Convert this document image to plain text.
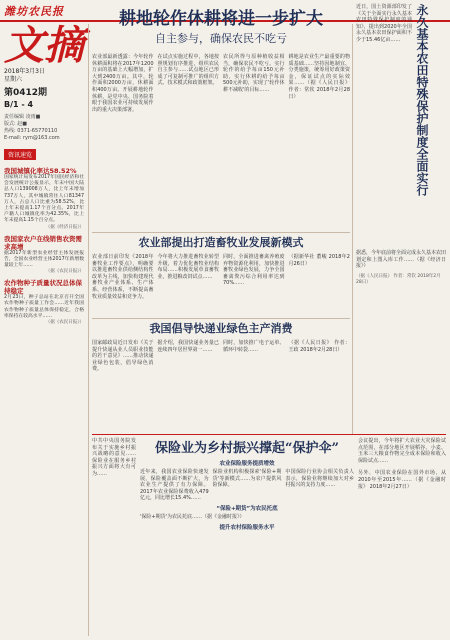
潍坊农民报
文摘
2018年3月3日
星期六
第0412期
B/1 - 4
责任编辑 凌雨■
版式: 赵■
热线: 0371-65770110
E-mail: rym@163.com
资讯速览
我国城镇化率达58.52%
国家统计局发布2017年国民经济和社会发展统计公报显示，年末中国大陆总人口139008万人，比上年末增加737万人，其中城镇常住人口81347万人，占总人口比重为58.52%，比上年末提高1.17个百分点。2017年户籍人口城镇化率为42.35%，比上年末提高1.15个百分点。
（据《经济日报》）
我国家农户在线销售农资需求高增
据2017年新型农业经营主体发展报告，全国农业经营主体2017年新增数量较上年……
（据《农民日报》）
农作物种子质量状况总体保持稳定
2月23日，种子总站在北京召开全国农作物种子质量工作会……近年我国农作物种子质量总体保持稳定，合格率保持在较高水平……
（据《农民日报》）
耕地轮作休耕将进一步扩大
自主参与，确保农民不吃亏
农业部最新透露：今年轮作休耕面积将在2017年1200万亩的基础上大幅增加，扩大到2400万亩。其中，轮作面积2000万亩，休耕面积400万亩。开展耕地轮作休耕，是党中央、国务院着眼于我国农业可持续发展作出的重大决策部署。
在试点实施过程中，各地按照规划有序推进，组织农民自主参与……试点地区已形成了可复制可推广的组织方式、技术模式和政策框架。
农民所得与原种植收益相当，确保农民不吃亏。实行轮作的给予每亩150元补助，实行休耕的给予每亩500元补助，实现了'轮作休耕不减收'的目标……
耕地是农业生产最重要的物质基础……坚持因地制宜、分类施策，统筹用好政策资金，保证试点的实际效果……（据《人民日报》 作者：常钦 2018年2月28日）
近日，国土资源部印发了《关于全面实行永久基本农田特殊保护制度的通知》，提出到2020年全国永久基本农田保护面积不少于15.46亿亩……	永久基本农田特殊保护制度全面实行
据悉，今年底前将全面完成永久基本农田划定和上图入库工作……（据《经济日报》）
（据《人民日报》 作者：常钦 2018年2月28日）
农业部提出打造畜牧业发展新模式
农业部日前印发《2018年畜牧业工作要点》，明确要以推进畜牧业供给侧结构性改革为主线，加快构建现代畜牧业产业体系、生产体系、经营体系，不断提高畜牧业质量效益和竞争力。
今年将大力推进畜牧业转型升级，着力优化畜牧业结构布局……积极发展草食畜牧业，推进粮改饲试点……
同时，全面推进畜禽养殖废弃物资源化利用，加快推进畜牧业绿色发展，力争全国畜禽粪污综合利用率达到70%……
（据新华社 董峻 2018年2月26日）
我国倡导快递业绿色主产消费
国家邮政局近日发布《关于提升快递从业人员职业技能的若干意见》……推动快递业绿色包装，倡导绿色消费。
据介绍，我国快递业务量已连续四年居世界第一……
同时，加快推广电子运单、循环中转袋……
（据《人民日报》 作者：王政 2018年2月28日）
中共中央国务院发布关于实施乡村振兴战略的意见……保险业在服务乡村振兴方面将大有可为……
保险业为乡村振兴撑起“保护伞”
农业保险服务提质增效
近年来，我国农业保险快速发展，保险覆盖面不断扩大，为农业生产提供了有力保障。2017年农业保险保费收入479亿元，同比增长15.4%……
保险业机构积极探索'保险+期货'等新模式……为农户提供风险保障。
中国保险行业协会相关负责人表示，保险业将继续加大对乡村振兴的支持力度……
“保险+期货”为农民托底
'保险+期货'为农民托底……（据《金融时报》）
提升农村保险服务水平
会议提出，今年将扩大农业大灾保险试点范围，在部分地区开展稻谷、小麦、玉米三大粮食作物完全成本保险和收入保险试点……
另外，中国农业保险在国外市场，从2010年至2015年……（据《金融时报》 2018年2月27日）
